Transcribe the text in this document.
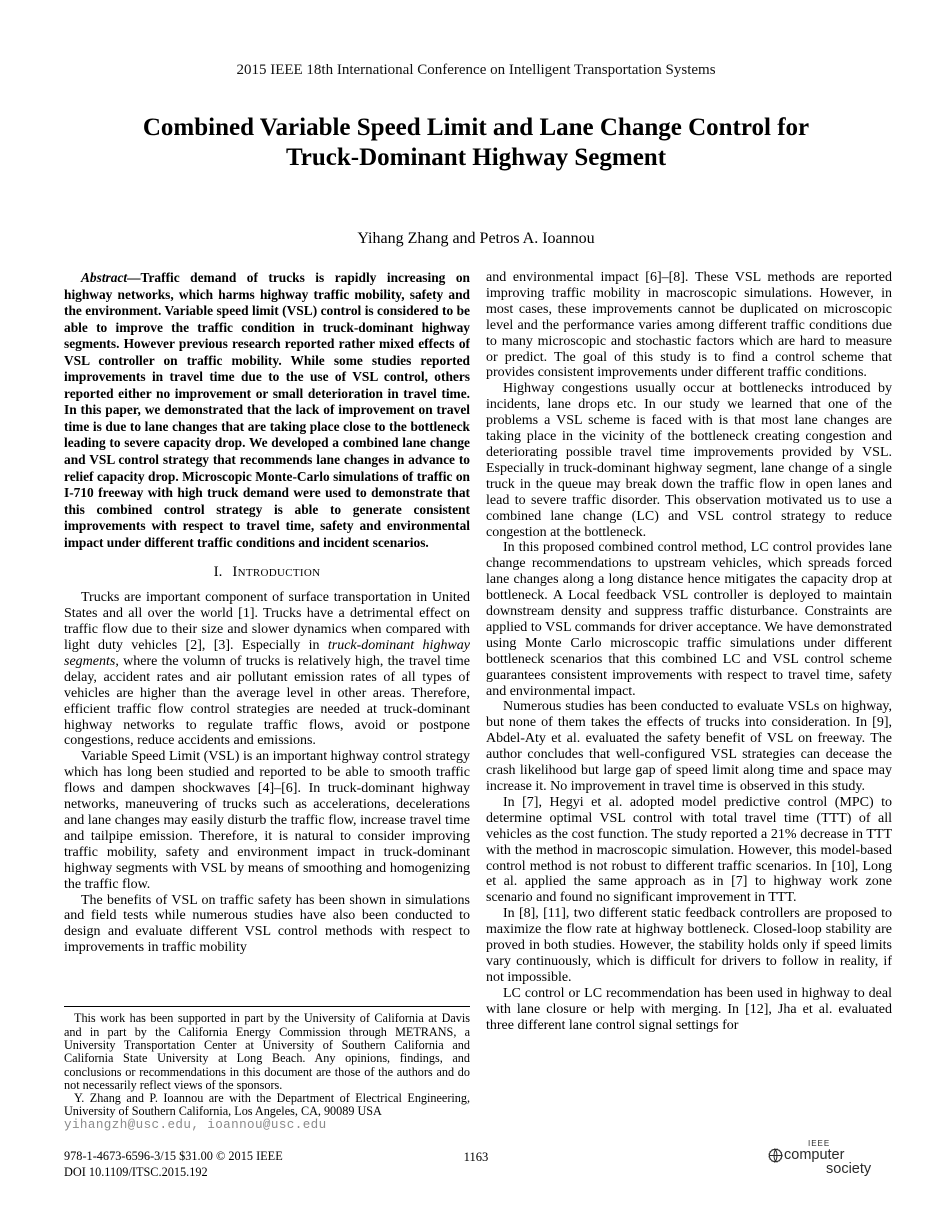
2015 IEEE 18th International Conference on Intelligent Transportation Systems
Combined Variable Speed Limit and Lane Change Control for
Truck-Dominant Highway Segment
Yihang Zhang and Petros A. Ioannou

Abstract—Traffic demand of trucks is rapidly increasing on highway networks, which harms highway traffic mobility, safety and the environment. Variable speed limit (VSL) control is considered to be able to improve the traffic condition in truck-dominant highway segments. However previous research reported rather mixed effects of VSL controller on traffic mobility. While some studies reported improvements in travel time due to the use of VSL control, others reported either no improvement or small deterioration in travel time. In this paper, we demonstrated that the lack of improvement on travel time is due to lane changes that are taking place close to the bottleneck leading to severe capacity drop. We developed a combined lane change and VSL control strategy that recommends lane changes in advance to relief capacity drop. Microscopic Monte-Carlo simulations of traffic on I-710 freeway with high truck demand were used to demonstrate that this combined control strategy is able to generate consistent improvements with respect to travel time, safety and environmental impact under different traffic conditions and incident scenarios.

I. Introduction

Trucks are important component of surface transportation in United States and all over the world [1]. Trucks have a detrimental effect on traffic flow due to their size and slower dynamics when compared with light duty vehicles [2], [3]. Especially in truck-dominant highway segments, where the volumn of trucks is relatively high, the travel time delay, accident rates and air pollutant emission rates of all types of vehicles are higher than the average level in other areas. Therefore, efficient traffic flow control strategies are needed at truck-dominant highway networks to regulate traffic flows, avoid or postpone congestions, reduce accidents and emissions.

Variable Speed Limit (VSL) is an important highway control strategy which has long been studied and reported to be able to smooth traffic flows and dampen shockwaves [4]–[6]. In truck-dominant highway networks, maneuvering of trucks such as accelerations, decelerations and lane changes may easily disturb the traffic flow, increase travel time and tailpipe emission. Therefore, it is natural to consider improving traffic mobility, safety and environment impact in truck-dominant highway segments with VSL by means of smoothing and homogenizing the traffic flow.

The benefits of VSL on traffic safety has been shown in simulations and field tests while numerous studies have also been conducted to design and evaluate different VSL control methods with respect to improvements in traffic mobility

This work has been supported in part by the University of California at Davis and in part by the California Energy Commission through METRANS, a University Transportation Center at University of Southern California and California State University at Long Beach. Any opinions, findings, and conclusions or recommendations in this document are those of the authors and do not necessarily reflect views of the sponsors.

Y. Zhang and P. Ioannou are with the Department of Electrical Engineering, University of Southern California, Los Angeles, CA, 90089 USA

yihangzh@usc.edu, ioannou@usc.edu

and environmental impact [6]–[8]. These VSL methods are reported improving traffic mobility in macroscopic simulations. However, in most cases, these improvements cannot be duplicated on microscopic level and the performance varies among different traffic conditions due to many microscopic and stochastic factors which are hard to measure or predict. The goal of this study is to find a control scheme that provides consistent improvements under different traffic conditions.

Highway congestions usually occur at bottlenecks introduced by incidents, lane drops etc. In our study we learned that one of the problems a VSL scheme is faced with is that most lane changes are taking place in the vicinity of the bottleneck creating congestion and deteriorating possible travel time improvements provided by VSL. Especially in truck-dominant highway segment, lane change of a single truck in the queue may break down the traffic flow in open lanes and lead to severe traffic disorder. This observation motivated us to use a combined lane change (LC) and VSL control strategy to reduce congestion at the bottleneck.

In this proposed combined control method, LC control provides lane change recommendations to upstream vehicles, which spreads forced lane changes along a long distance hence mitigates the capacity drop at bottleneck. A Local feedback VSL controller is deployed to maintain downstream density and suppress traffic disturbance. Constraints are applied to VSL commands for driver acceptance. We have demonstrated using Monte Carlo microscopic traffic simulations under different bottleneck scenarios that this combined LC and VSL control scheme guarantees consistent improvements with respect to travel time, safety and environmental impact.

Numerous studies has been conducted to evaluate VSLs on highway, but none of them takes the effects of trucks into consideration. In [9], Abdel-Aty et al. evaluated the safety benefit of VSL on freeway. The author concludes that well-configured VSL strategies can decease the crash likelihood but large gap of speed limit along time and space may increase it. No improvement in travel time is observed in this study.

In [7], Hegyi et al. adopted model predictive control (MPC) to determine optimal VSL control with total travel time (TTT) of all vehicles as the cost function. The study reported a 21% decrease in TTT with the method in macroscopic simulation. However, this model-based control method is not robust to different traffic scenarios. In [10], Long et al. applied the same approach as in [7] to highway work zone scenario and found no significant improvement in TTT.

In [8], [11], two different static feedback controllers are proposed to maximize the flow rate at highway bottleneck. Closed-loop stability are proved in both studies. However, the stability holds only if speed limits vary continuously, which is difficult for drivers to follow in reality, if not impossible.

LC control or LC recommendation has been used in highway to deal with lane closure or help with merging. In [12], Jha et al. evaluated three different lane control signal settings for

978-1-4673-6596-3/15 $31.00 © 2015 IEEE
DOI 10.1109/ITSC.2015.192
1163
IEEE
computer
society
